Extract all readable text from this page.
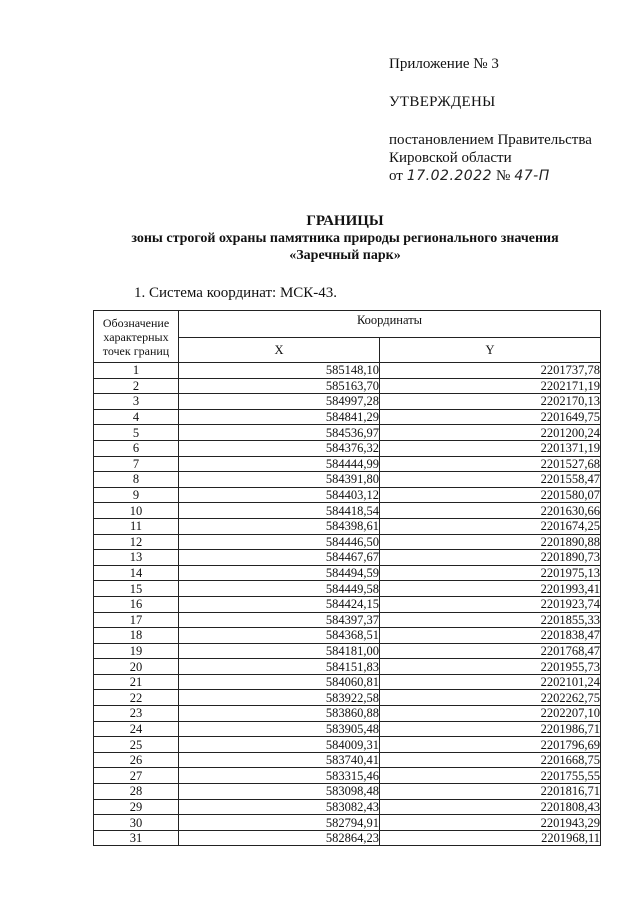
Приложение № 3
УТВЕРЖДЕНЫ
постановлением Правительства
Кировской области
от 17.02.2022 № 47-П
ГРАНИЦЫ
зоны строгой охраны памятника природы регионального значения
«Заречный парк»
1. Система координат: МСК-43.
Обозначение характерных точек границ	Координаты	
	X	Y
1	585148,10	2201737,78
2	585163,70	2202171,19
3	584997,28	2202170,13
4	584841,29	2201649,75
5	584536,97	2201200,24
6	584376,32	2201371,19
7	584444,99	2201527,68
8	584391,80	2201558,47
9	584403,12	2201580,07
10	584418,54	2201630,66
11	584398,61	2201674,25
12	584446,50	2201890,88
13	584467,67	2201890,73
14	584494,59	2201975,13
15	584449,58	2201993,41
16	584424,15	2201923,74
17	584397,37	2201855,33
18	584368,51	2201838,47
19	584181,00	2201768,47
20	584151,83	2201955,73
21	584060,81	2202101,24
22	583922,58	2202262,75
23	583860,88	2202207,10
24	583905,48	2201986,71
25	584009,31	2201796,69
26	583740,41	2201668,75
27	583315,46	2201755,55
28	583098,48	2201816,71
29	583082,43	2201808,43
30	582794,91	2201943,29
31	582864,23	2201968,11
